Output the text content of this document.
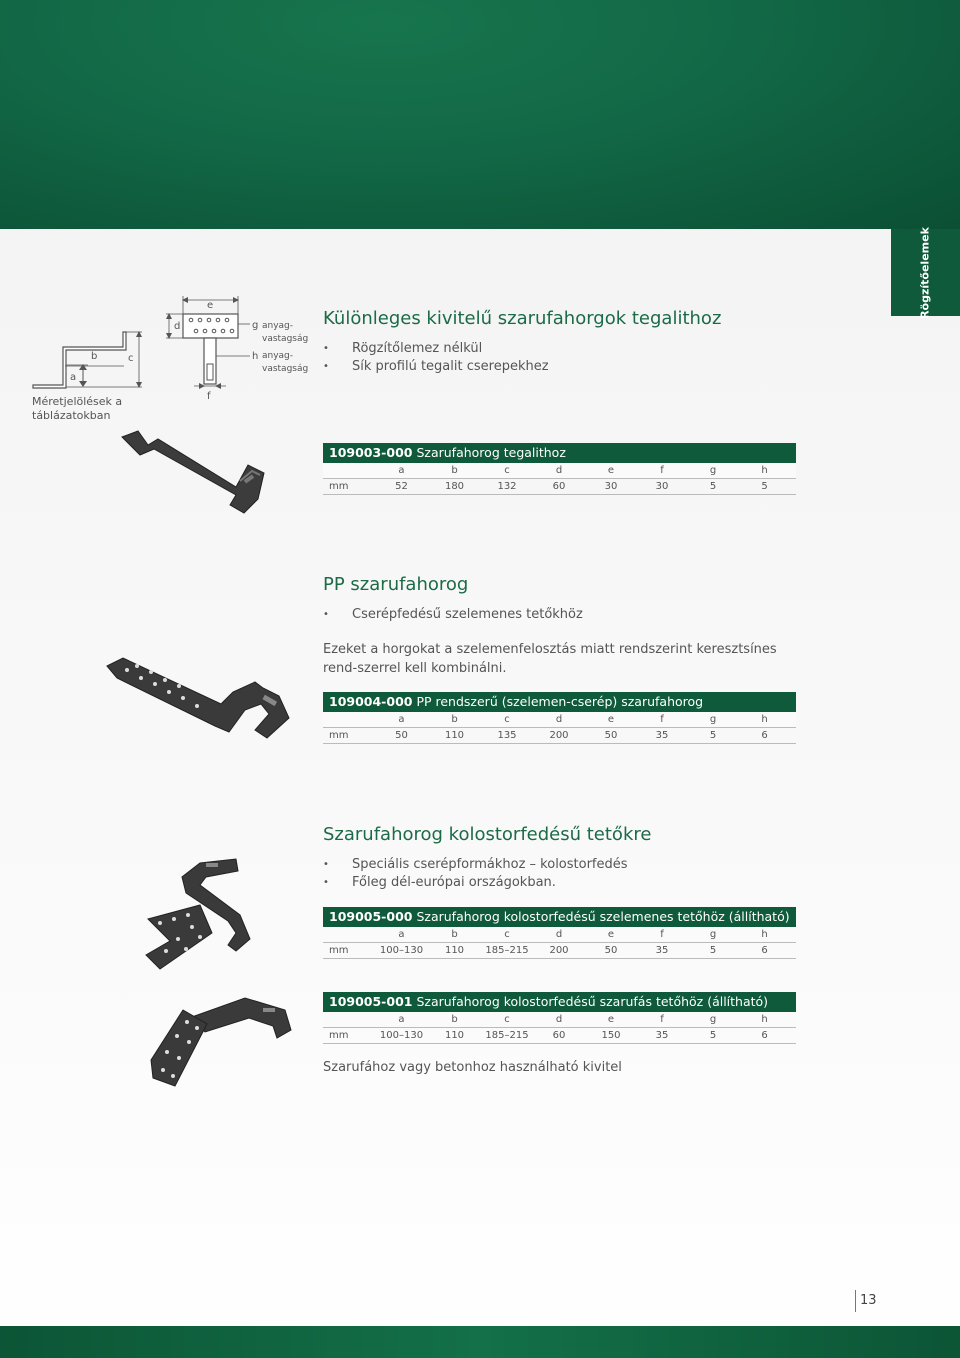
Rögzítőelemek
13
a
b	c
e
d
f
g anyag-
vastagság
h anyag-
vastagság
Méretjelölések a táblázatokban
Különleges kivitelű szarufahorgok tegalithoz
• Rögzítőlemez nélkül
• Sík profilú tegalit cserepekhez
109003-000 Szarufahorog tegalithoz
a	b	c	d	e	f	g	h
mm	52	180	132	60	30	30	5	5
PP szarufahorog
• Cserépfedésű szelemenes tetőkhöz
Ezeket a horgokat a szelemenfelosztás miatt rendszerint keresztsínes rend-szerrel kell kombinálni.
109004-000 PP rendszerű (szelemen-cserép) szarufahorog
a	b	c	d	e	f	g	h
mm	50	110	135	200	50	35	5	6
Szarufahorog kolostorfedésű tetőkre
• Speciális cserépformákhoz – kolostorfedés
• Főleg dél-európai országokban.
109005-000 Szarufahorog kolostorfedésű szelemenes tetőhöz (állítható)
a	b	c	d	e	f	g	h
mm	100–130	110	185–215	200	50	35	5	6
109005-001 Szarufahorog kolostorfedésű szarufás tetőhöz (állítható)
a	b	c	d	e	f	g	h
mm	100–130	110	185–215	60	150	35	5	6
Szarufához vagy betonhoz használható kivitel
